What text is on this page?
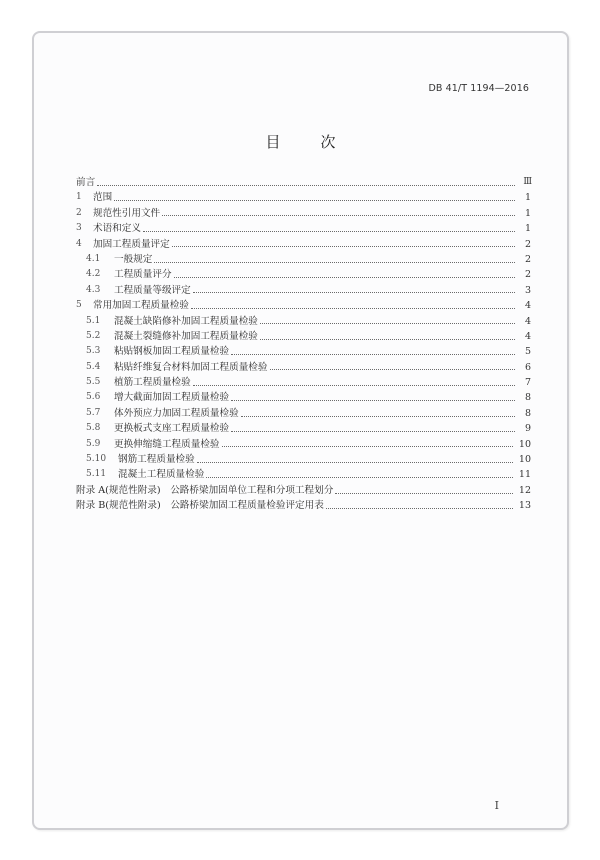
DB 41/T 1194—2016
目	次
前言	Ⅲ
1	范围	1
2	规范性引用文件	1
3	术语和定义	1
4	加固工程质量评定	2
4.1	一般规定	2
4.2	工程质量评分	2
4.3	工程质量等级评定	3
5	常用加固工程质量检验	4
5.1	混凝土缺陷修补加固工程质量检验	4
5.2	混凝土裂缝修补加固工程质量检验	4
5.3	粘贴钢板加固工程质量检验	5
5.4	粘贴纤维复合材料加固工程质量检验	6
5.5	植筋工程质量检验	7
5.6	增大截面加固工程质量检验	8
5.7	体外预应力加固工程质量检验	8
5.8	更换板式支座工程质量检验	9
5.9	更换伸缩缝工程质量检验	10
5.10	钢筋工程质量检验	10
5.11	混凝土工程质量检验	11
附录 A(规范性附录)　公路桥梁加固单位工程和分项工程划分	12
附录 B(规范性附录)　公路桥梁加固工程质量检验评定用表	13
I
